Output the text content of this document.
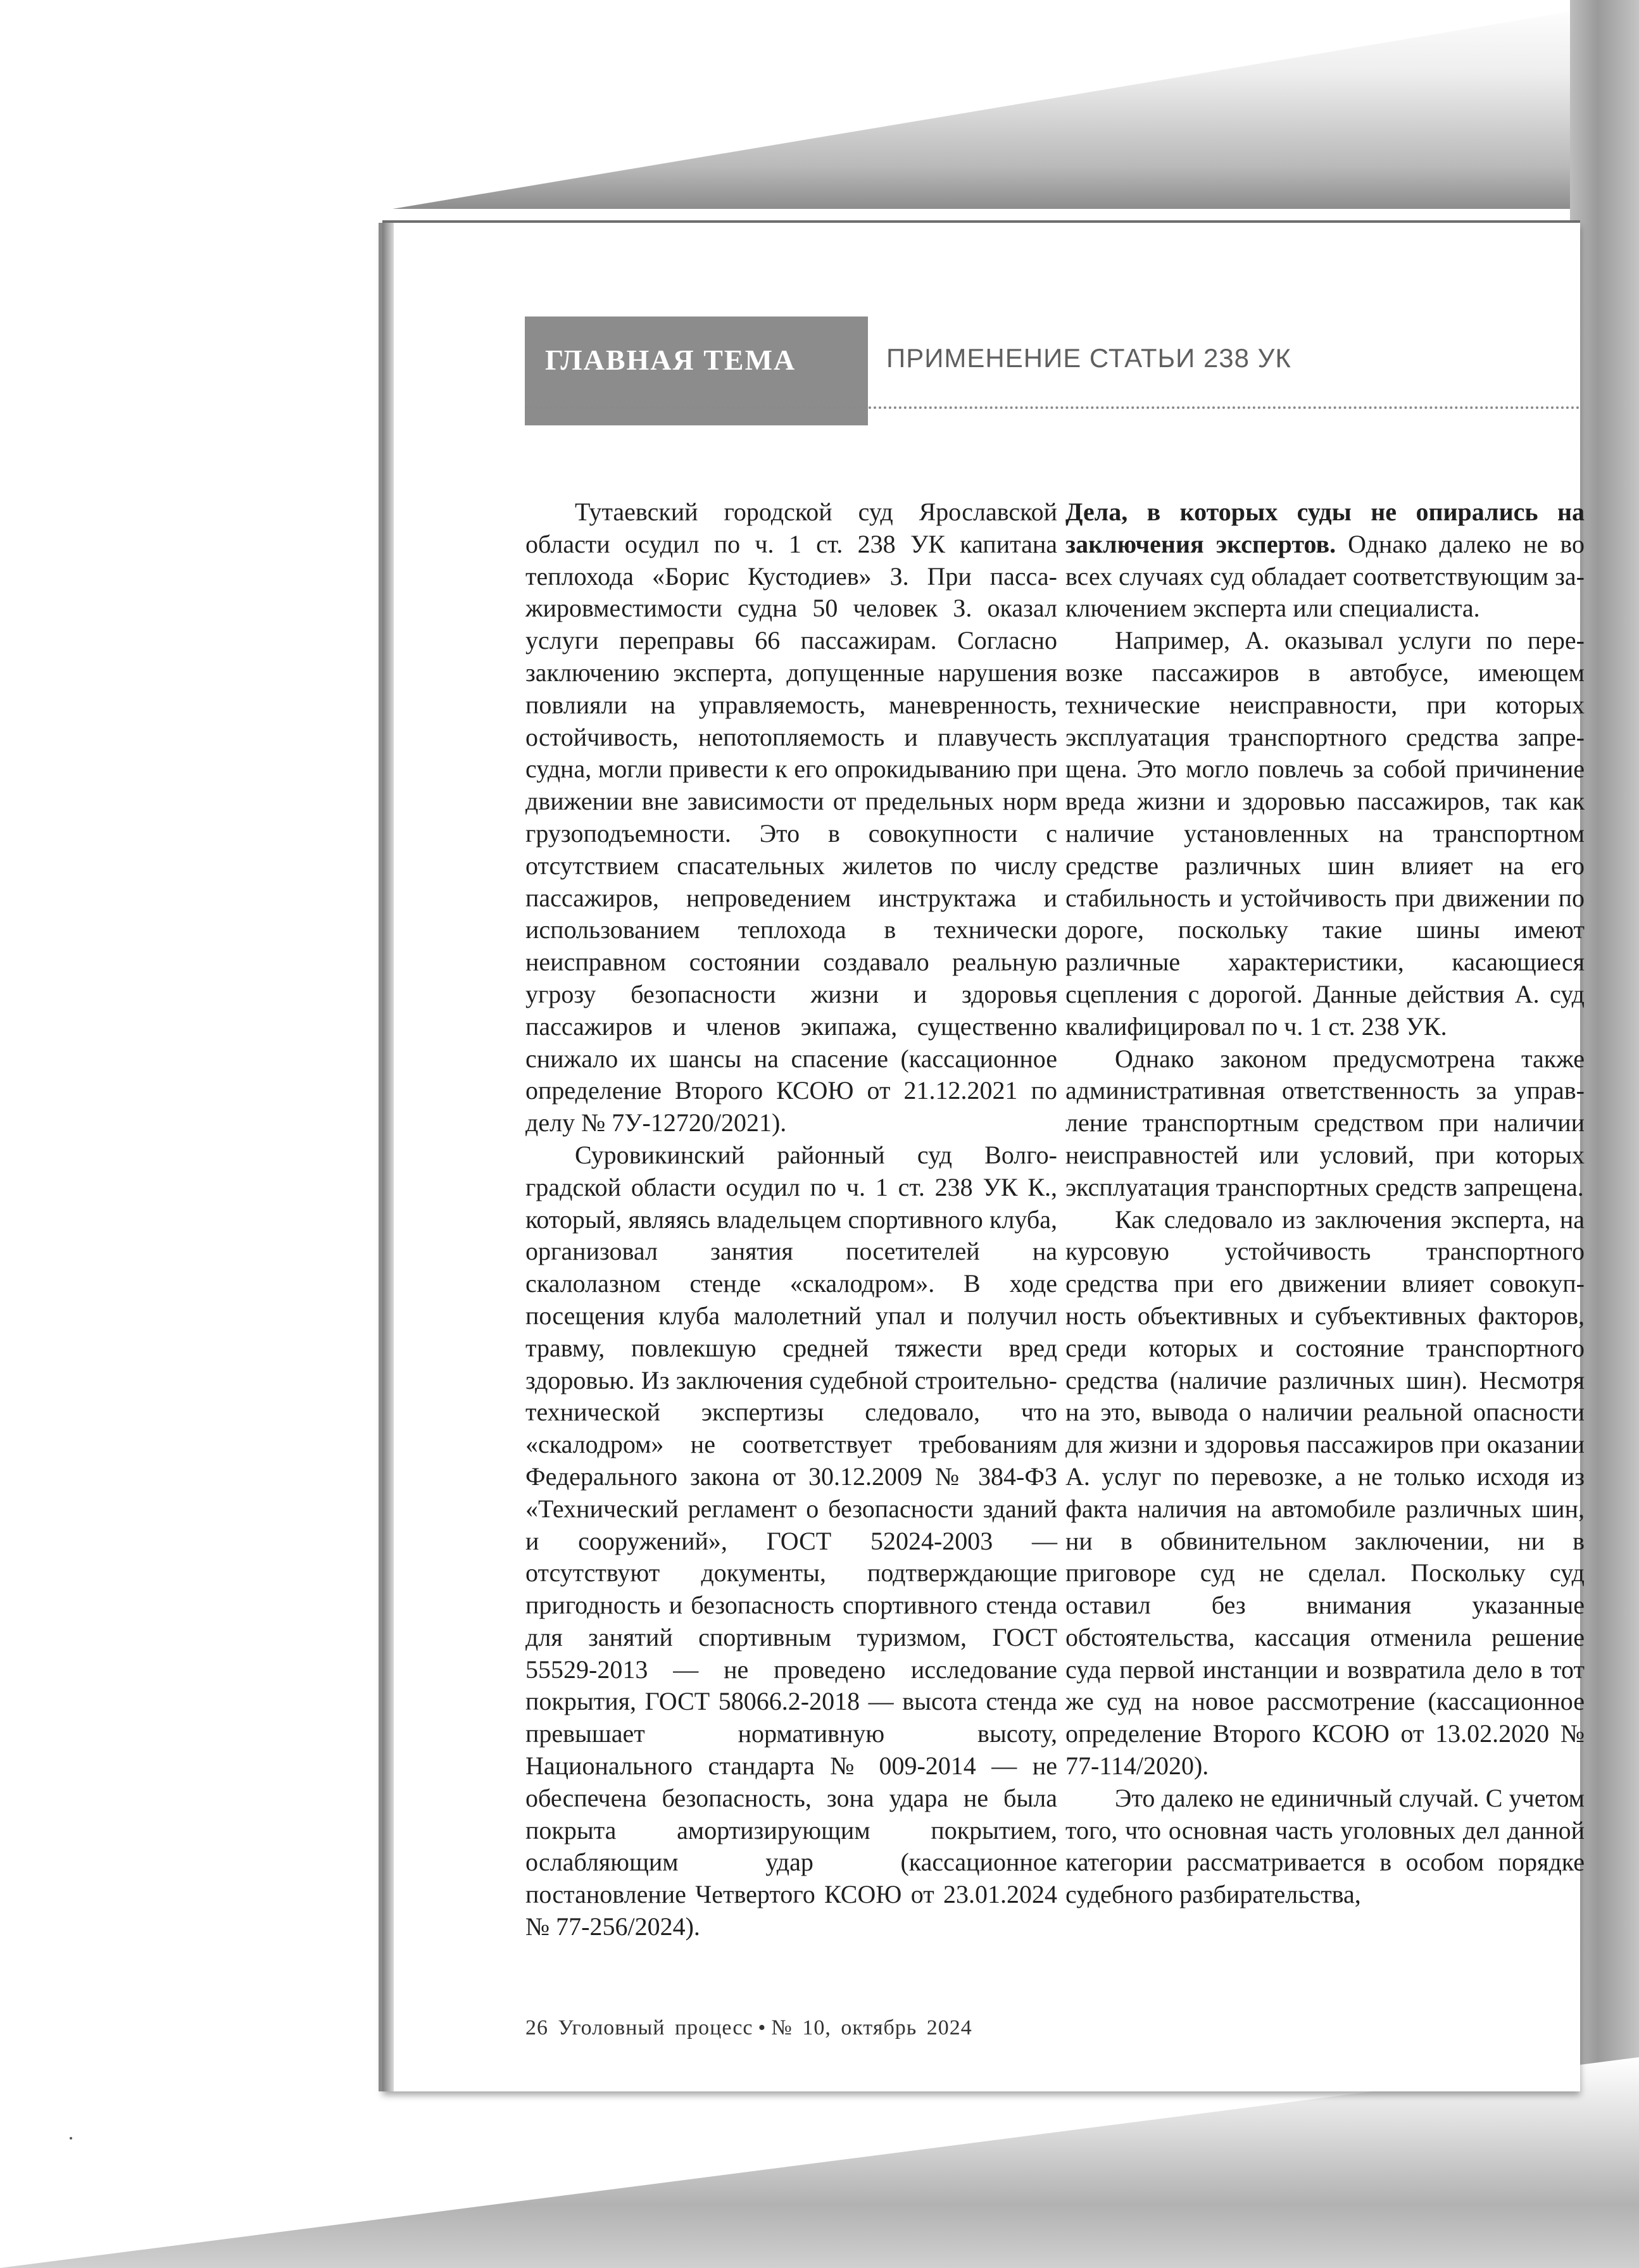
ГЛАВНАЯ ТЕМА	ПРИМЕНЕНИЕ СТАТЬИ 238 УК

Тутаевский городской суд Ярославской области осудил по ч. 1 ст. 238 УК капитана теплохода «Борис Кустодиев» З. При пассажировместимости судна 50 человек З. оказал услуги переправы 66 пассажирам. Согласно заключению эксперта, допущенные нарушения повлияли на управляемость, маневренность, остойчивость, непотопляемость и плавучесть судна, могли привести к его опрокидыванию при движении вне зависимости от предельных норм грузоподъемности. Это в совокупности с отсутствием спасательных жилетов по числу пассажиров, непроведением инструктажа и использованием теплохода в технически неисправном состоянии создавало реальную угрозу безопасности жизни и здоровья пассажиров и членов экипажа, существенно снижало их шансы на спасение (кассационное определение Второго КСОЮ от 21.12.2021 по делу № 7У-12720/2021).

Суровикинский районный суд Волгоградской области осудил по ч. 1 ст. 238 УК К., который, являясь владельцем спортивного клуба, организовал занятия посетителей на скалолазном стенде «скалодром». В ходе посещения клуба малолетний упал и получил травму, повлекшую средней тяжести вред здоровью. Из заключения судебной строительно-технической экспертизы следовало, что «скалодром» не соответствует требованиям Федерального закона от 30.12.2009 № 384-ФЗ «Технический регламент о безопасности зданий и сооружений», ГОСТ 52024-2003 — отсутствуют документы, подтверждающие пригодность и безопасность спортивного стенда для занятий спортивным туризмом, ГОСТ 55529-2013 — не проведено исследование покрытия, ГОСТ 58066.2-2018 — высота стенда превышает нормативную высоту, Национального стандарта № 009-2014 — не обеспечена безопасность, зона удара не была покрыта амортизирующим покрытием, ослабляющим удар (кассационное постановление Четвертого КСОЮ от 23.01.2024 № 77-256/2024).

Дела, в которых суды не опирались на заключения экспертов. Однако далеко не во всех случаях суд обладает соответствующим заключением эксперта или специалиста.

Например, А. оказывал услуги по перевозке пассажиров в автобусе, имеющем технические неисправности, при которых эксплуатация транспортного средства запрещена. Это могло повлечь за собой причинение вреда жизни и здоровью пассажиров, так как наличие установленных на транспортном средстве различных шин влияет на его стабильность и устойчивость при движении по дороге, поскольку такие шины имеют различные характеристики, касающиеся сцепления с дорогой. Данные действия А. суд квалифицировал по ч. 1 ст. 238 УК.

Однако законом предусмотрена также административная ответственность за управление транспортным средством при наличии неисправностей или условий, при которых эксплуатация транспортных средств запрещена.

Как следовало из заключения эксперта, на курсовую устойчивость транспортного средства при его движении влияет совокупность объективных и субъективных факторов, среди которых и состояние транспортного средства (наличие различных шин). Несмотря на это, вывода о наличии реальной опасности для жизни и здоровья пассажиров при оказании А. услуг по перевозке, а не только исходя из факта наличия на автомобиле различных шин, ни в обвинительном заключении, ни в приговоре суд не сделал. Поскольку суд оставил без внимания указанные обстоятельства, кассация отменила решение суда первой инстанции и возвратила дело в тот же суд на новое рассмотрение (кассационное определение Второго КСОЮ от 13.02.2020 № 77-114/2020).

Это далеко не единичный случай. С учетом того, что основная часть уголовных дел данной категории рассматривается в особом порядке судебного разбирательства,

26 Уголовный процесс • № 10, октябрь 2024
